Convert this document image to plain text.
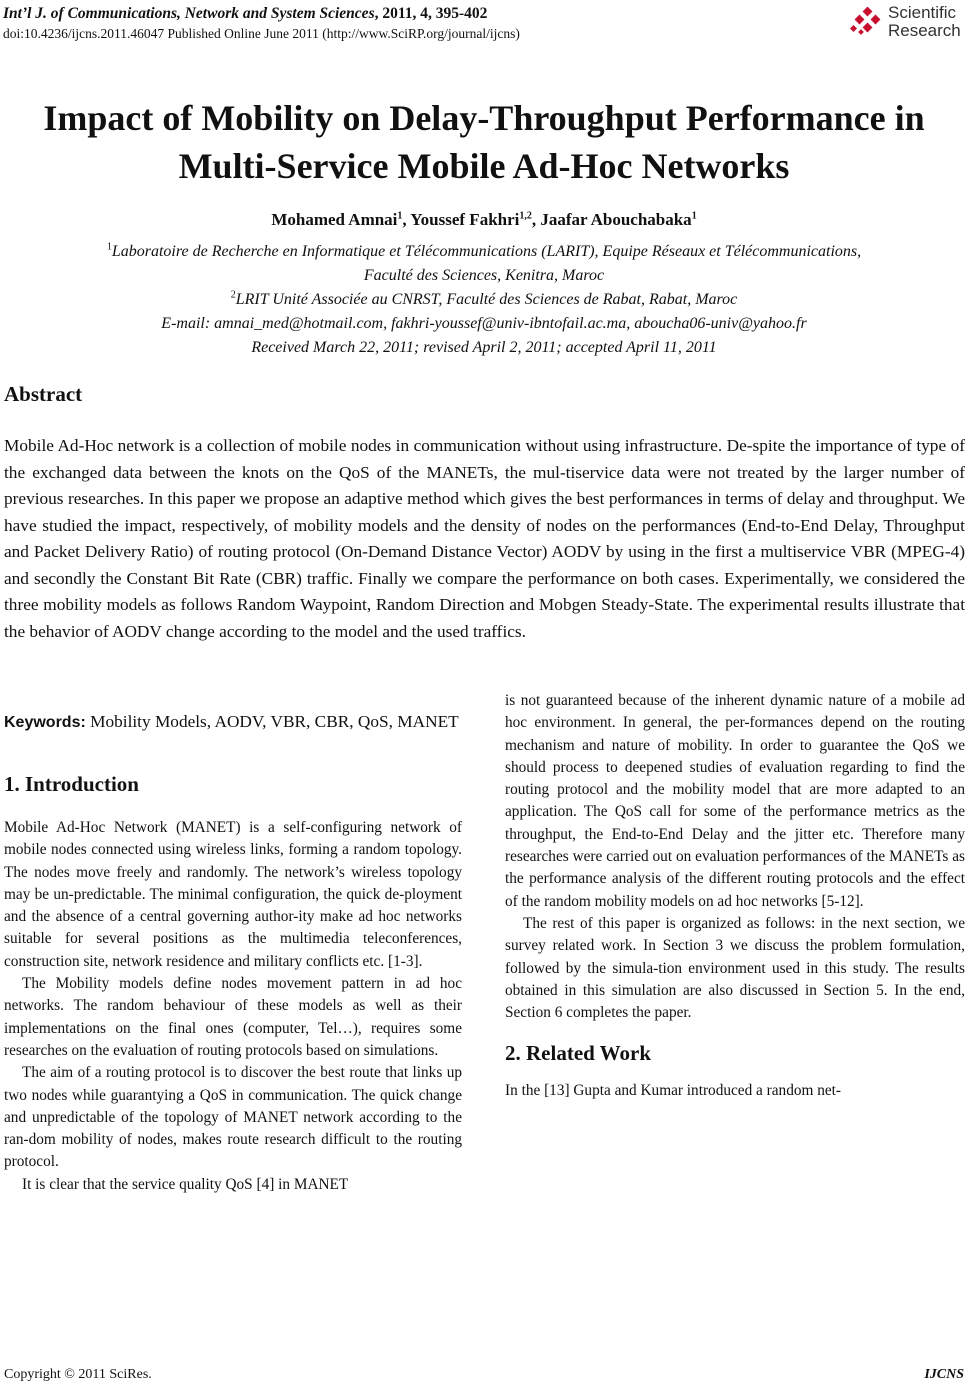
Int’l J. of Communications, Network and System Sciences, 2011, 4, 395-402
doi:10.4236/ijcns.2011.46047 Published Online June 2011 (http://www.SciRP.org/journal/ijcns)
Scientific
Research
Impact of Mobility on Delay-Throughput Performance in
Multi-Service Mobile Ad-Hoc Networks
Mohamed Amnai$^1$, Youssef Fakhri$^{1,2}$, Jaafar Abouchabaka$^1$
$^1$Laboratoire de Recherche en Informatique et Télécommunications (LARIT), Equipe Réseaux et Télécommunications,
Faculté des Sciences, Kenitra, Maroc
$^2$LRIT Unité Associée au CNRST, Faculté des Sciences de Rabat, Rabat, Maroc
E-mail: amnai_med@hotmail.com, fakhri-youssef@univ-ibntofail.ac.ma, aboucha06-univ@yahoo.fr
Received March 22, 2011; revised April 2, 2011; accepted April 11, 2011
Abstract
Mobile Ad-Hoc network is a collection of mobile nodes in communication without using infrastructure. De-spite the importance of type of the exchanged data between the knots on the QoS of the MANETs, the mul-tiservice data were not treated by the larger number of previous researches. In this paper we propose an adaptive method which gives the best performances in terms of delay and throughput. We have studied the impact, respectively, of mobility models and the density of nodes on the performances (End-to-End Delay, Throughput and Packet Delivery Ratio) of routing protocol (On-Demand Distance Vector) AODV by using in the first a multiservice VBR (MPEG-4) and secondly the Constant Bit Rate (CBR) traffic. Finally we compare the performance on both cases. Experimentally, we considered the three mobility models as follows Random Waypoint, Random Direction and Mobgen Steady-State. The experimental results illustrate that the behavior of AODV change according to the model and the used traffics.
Keywords: Mobility Models, AODV, VBR, CBR, QoS, MANET
1. Introduction

Mobile Ad-Hoc Network (MANET) is a self-configuring network of mobile nodes connected using wireless links, forming a random topology. The nodes move freely and randomly. The network’s wireless topology may be un-predictable. The minimal configuration, the quick de-ployment and the absence of a central governing author-ity make ad hoc networks suitable for several positions as the multimedia teleconferences, construction site, network residence and military conflicts etc. [1-3].

The Mobility models define nodes movement pattern in ad hoc networks. The random behaviour of these models as well as their implementations on the final ones (computer, Tel…), requires some researches on the evaluation of routing protocols based on simulations.

The aim of a routing protocol is to discover the best route that links up two nodes while guarantying a QoS in communication. The quick change and unpredictable of the topology of MANET network according to the ran-dom mobility of nodes, makes route research difficult to the routing protocol.

It is clear that the service quality QoS [4] in MANET

is not guaranteed because of the inherent dynamic nature of a mobile ad hoc environment. In general, the per-formances depend on the routing mechanism and nature of mobility. In order to guarantee the QoS we should process to deepened studies of evaluation regarding to find the routing protocol and the mobility model that are more adapted to an application. The QoS call for some of the performance metrics as the throughput, the End-to-End Delay and the jitter etc. Therefore many researches were carried out on evaluation performances of the MANETs as the performance analysis of the different routing protocols and the effect of the random mobility models on ad hoc networks [5-12].

The rest of this paper is organized as follows: in the next section, we survey related work. In Section 3 we discuss the problem formulation, followed by the simula-tion environment used in this study. The results obtained in this simulation are also discussed in Section 5. In the end, Section 6 completes the paper.

2. Related Work

In the [13] Gupta and Kumar introduced a random net-

Copyright © 2011 SciRes.	IJCNS
